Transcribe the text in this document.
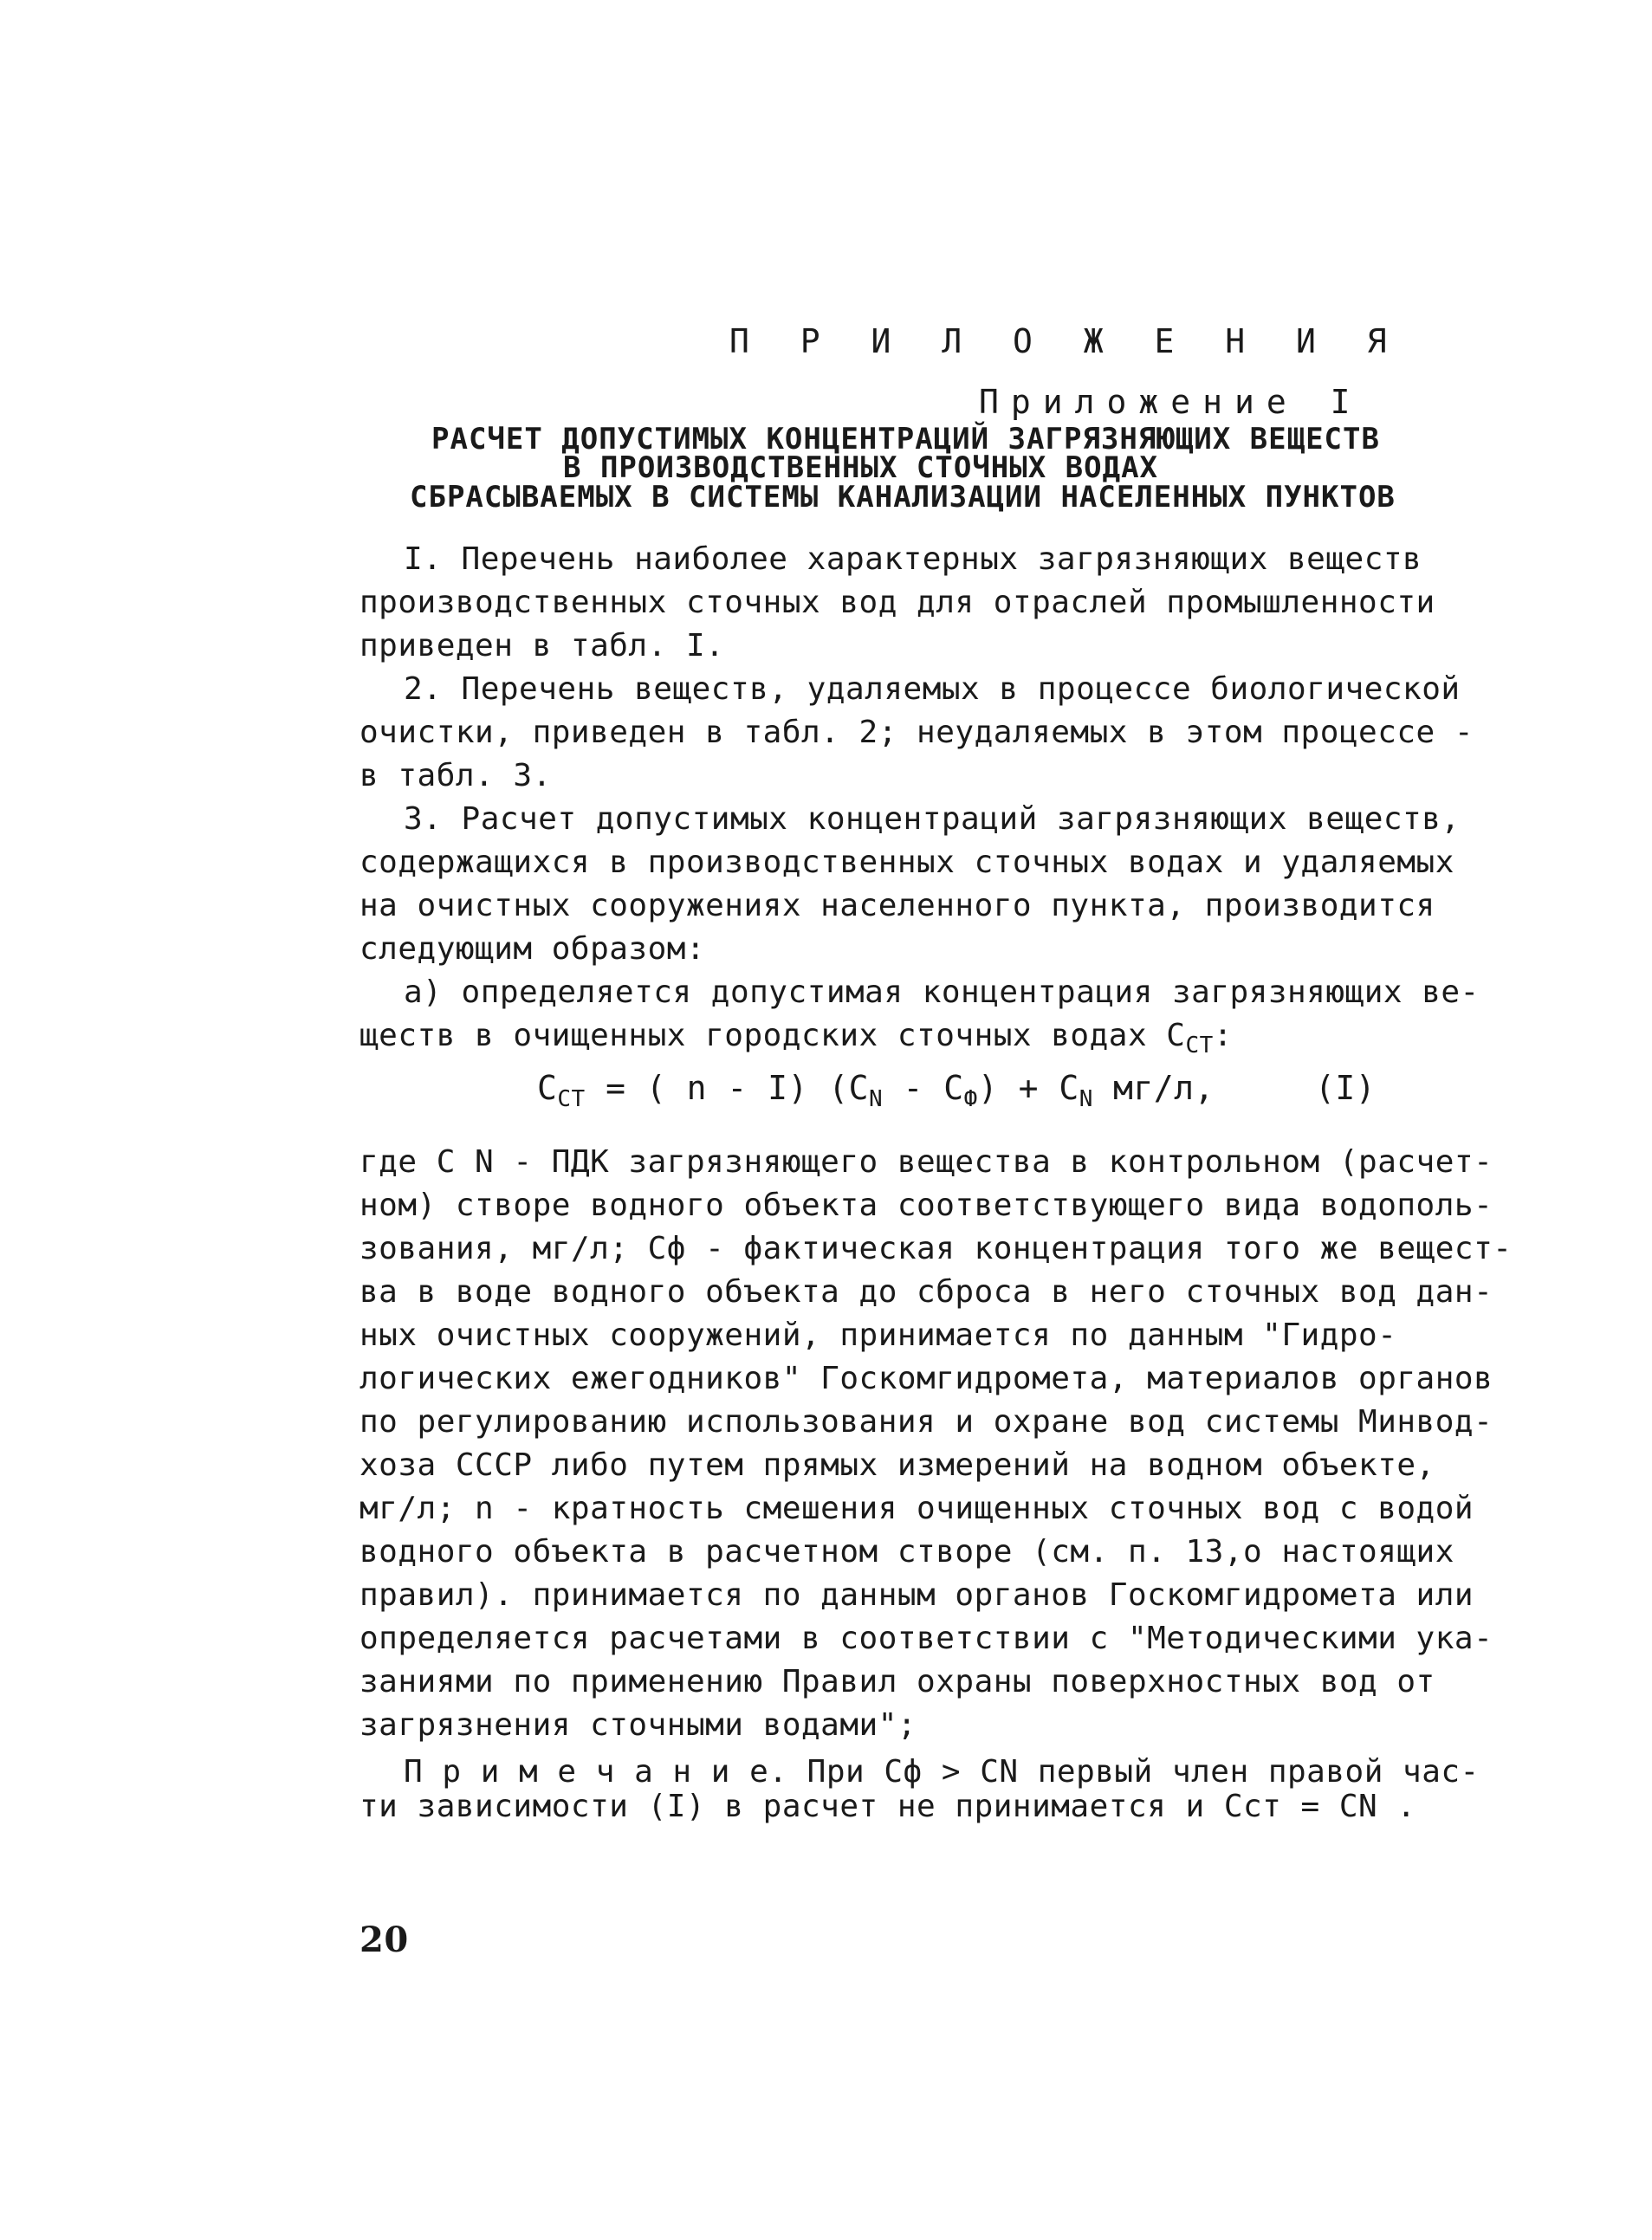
П Р И Л О Ж Е Н И Я
Приложение I
РАСЧЕТ ДОПУСТИМЫХ КОНЦЕНТРАЦИЙ ЗАГРЯЗНЯЮЩИХ ВЕЩЕСТВ
В ПРОИЗВОДСТВЕННЫХ СТОЧНЫХ ВОДАХ
СБРАСЫВАЕМЫХ В СИСТЕМЫ КАНАЛИЗАЦИИ НАСЕЛЕННЫХ ПУНКТОВ
I. Перечень наиболее характерных загрязняющих веществ
производственных сточных вод для отраслей промышленности
приведен в табл. I.
2. Перечень веществ, удаляемых в процессе биологической
очистки, приведен в табл. 2; неудаляемых в этом процессе -
в табл. 3.
3. Расчет допустимых концентраций загрязняющих веществ,
содержащихся в производственных сточных водах и удаляемых
на очистных сооружениях населенного пункта, производится
следующим образом:
а) определяется допустимая концентрация загрязняющих ве-
ществ в очищенных городских сточных водах $С_{СТ}$:
$С_{СТ}$ = ( n - I) $(С_N - С_Ф) + С_N$ мг/л,	(I)
где С N - ПДК загрязняющего вещества в контрольном (расчет-
ном) створе водного объекта соответствующего вида водополь-
зования, мг/л; Сф - фактическая концентрация того же вещест-
ва в воде водного объекта до сброса в него сточных вод дан-
ных очистных сооружений, принимается по данным "Гидро-
логических ежегодников" Госкомгидромета, материалов органов
по регулированию использования и охране вод системы Минвод-
хоза СССР либо путем прямых измерений на водном объекте,
мг/л; n - кратность смешения очищенных сточных вод с водой
водного объекта в расчетном створе (см. п. 13,о настоящих
правил). принимается по данным органов Госкомгидромета или
определяется расчетами в соответствии с "Методическими ука-
заниями по применению Правил охраны поверхностных вод от
загрязнения сточными водами";
П р и м е ч а н и е. При Сф > СN первый член правой час-
ти зависимости (I) в расчет не принимается и Сст = СN .
20
